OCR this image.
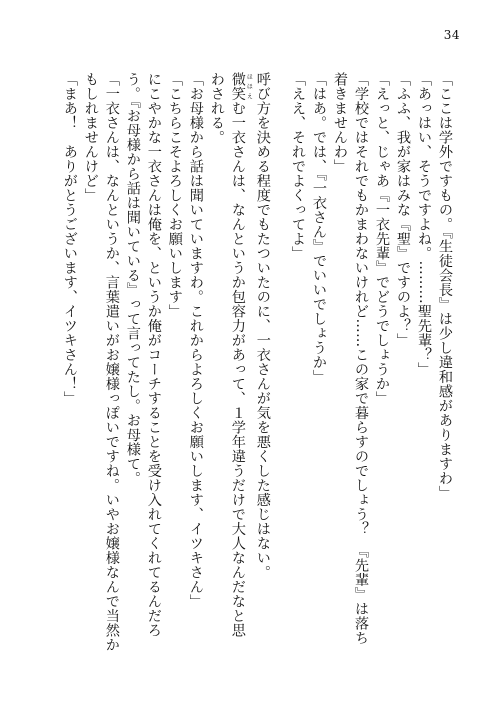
34
「ここは学外ですもの。『生徒会長』は少し違和感がありますわ」
「あっはい、そうですよね。………聖先輩？」
「ふふ、我が家はみな『聖』ですのよ？」
「えっと、じゃあ『一衣先輩』でどうでしょうか」
「学校ではそれでもかまわないけれど……この家で暮らすのでしょう？　『先輩』は落ち
着きませんわ」
「はあ。では、『一衣さん』でいいでしょうか」
「ええ、それでよくってよ」
呼び方を決める程度でもたついたのに、一衣さんが気を悪くした感じはない。
微笑 ほほえむ一衣さんは、なんというか包容力があって、１学年違うだけで大人なんだなと思
わされる。
「お母様から話は聞いていますわ。これからよろしくお願いします、イツキさん」
「こちらこそよろしくお願いします」
にこやかな一衣さんは俺を、というか俺がコーチすることを受け入れてくれてるんだろ
う。『お母様から話は聞いている』って言ってたし。お母様て。
「一衣さんは、なんというか、言葉遣いがお嬢様っぽいですね。いやお嬢様なんで当然か
もしれませんけど」
「まあ！　ありがとうございます、イツキさん！」
